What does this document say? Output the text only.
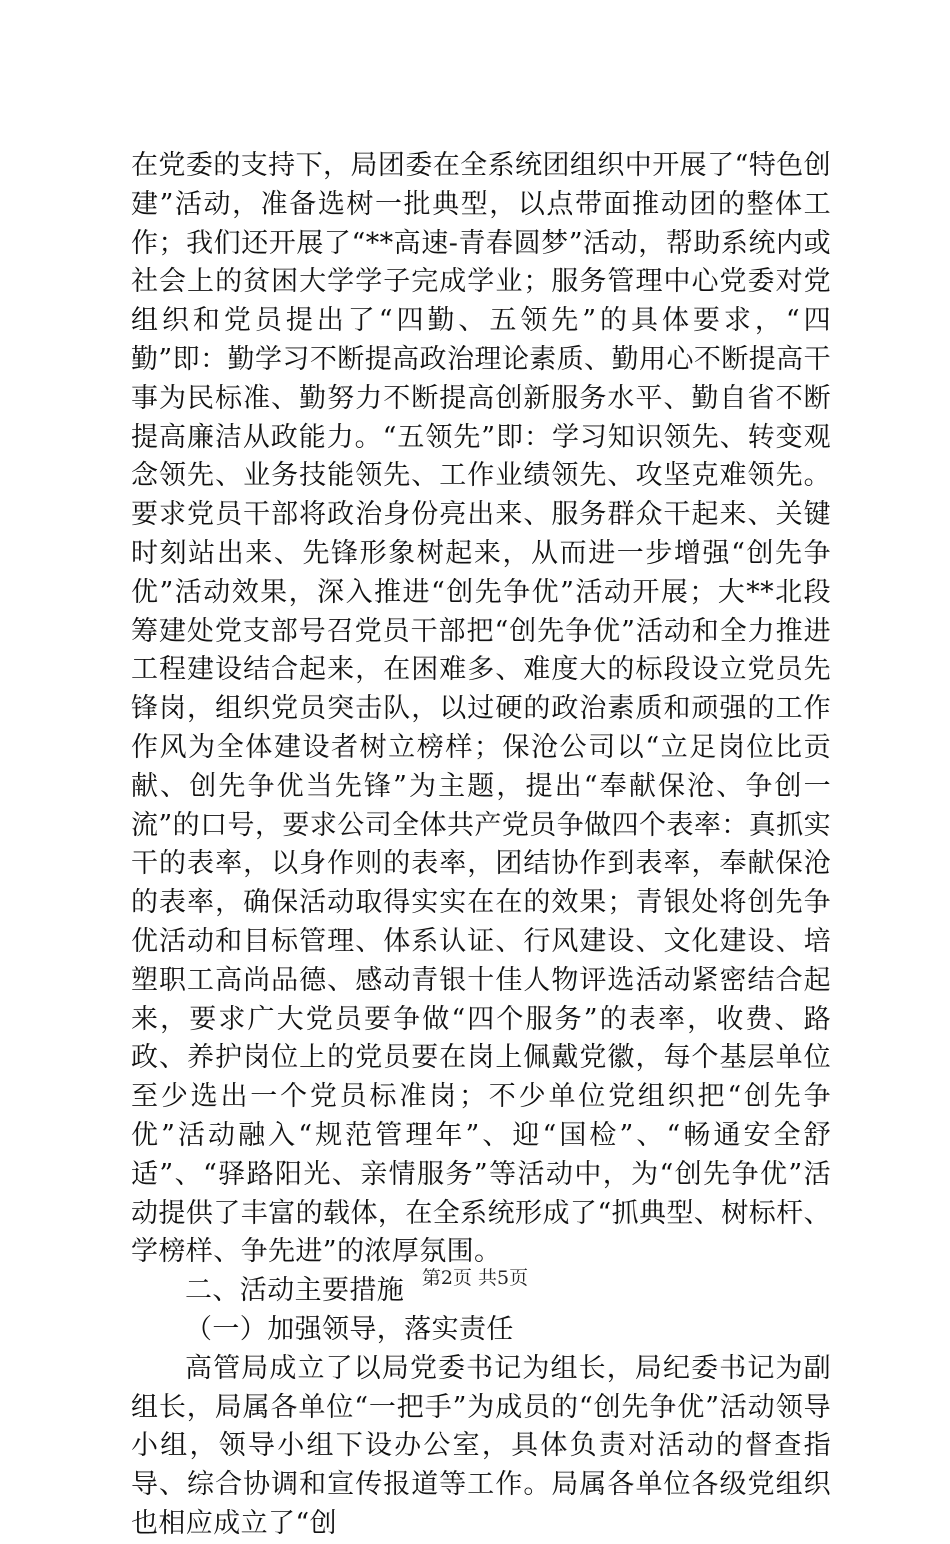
在党委的支持下，局团委在全系统团组织中开展了“特色创建”活动，准备选树一批典型，以点带面推动团的整体工作；我们还开展了“**高速-青春圆梦”活动，帮助系统内或社会上的贫困大学学子完成学业；服务管理中心党委对党组织和党员提出了“四勤、五领先”的具体要求，“四勤”即：勤学习不断提高政治理论素质、勤用心不断提高干事为民标准、勤努力不断提高创新服务水平、勤自省不断提高廉洁从政能力。“五领先”即：学习知识领先、转变观念领先、业务技能领先、工作业绩领先、攻坚克难领先。要求党员干部将政治身份亮出来、服务群众干起来、关键时刻站出来、先锋形象树起来，从而进一步增强“创先争优”活动效果，深入推进“创先争优”活动开展；大**北段筹建处党支部号召党员干部把“创先争优”活动和全力推进工程建设结合起来，在困难多、难度大的标段设立党员先锋岗，组织党员突击队，以过硬的政治素质和顽强的工作作风为全体建设者树立榜样；保沧公司以“立足岗位比贡献、创先争优当先锋”为主题，提出“奉献保沧、争创一流”的口号，要求公司全体共产党员争做四个表率：真抓实干的表率，以身作则的表率，团结协作到表率，奉献保沧的表率，确保活动取得实实在在的效果；青银处将创先争优活动和目标管理、体系认证、行风建设、文化建设、培塑职工高尚品德、感动青银十佳人物评选活动紧密结合起来，要求广大党员要争做“四个服务”的表率，收费、路政、养护岗位上的党员要在岗上佩戴党徽，每个基层单位至少选出一个党员标准岗；不少单位党组织把“创先争优”活动融入“规范管理年”、迎“国检”、“畅通安全舒适”、“驿路阳光、亲情服务”等活动中，为“创先争优”活动提供了丰富的载体，在全系统形成了“抓典型、树标杆、学榜样、争先进”的浓厚氛围。

二、活动主要措施

（一）加强领导，落实责任

高管局成立了以局党委书记为组长，局纪委书记为副组长，局属各单位“一把手”为成员的“创先争优”活动领导小组，领导小组下设办公室，具体负责对活动的督查指导、综合协调和宣传报道等工作。局属各单位各级党组织也相应成立了“创

第2页 共5页
